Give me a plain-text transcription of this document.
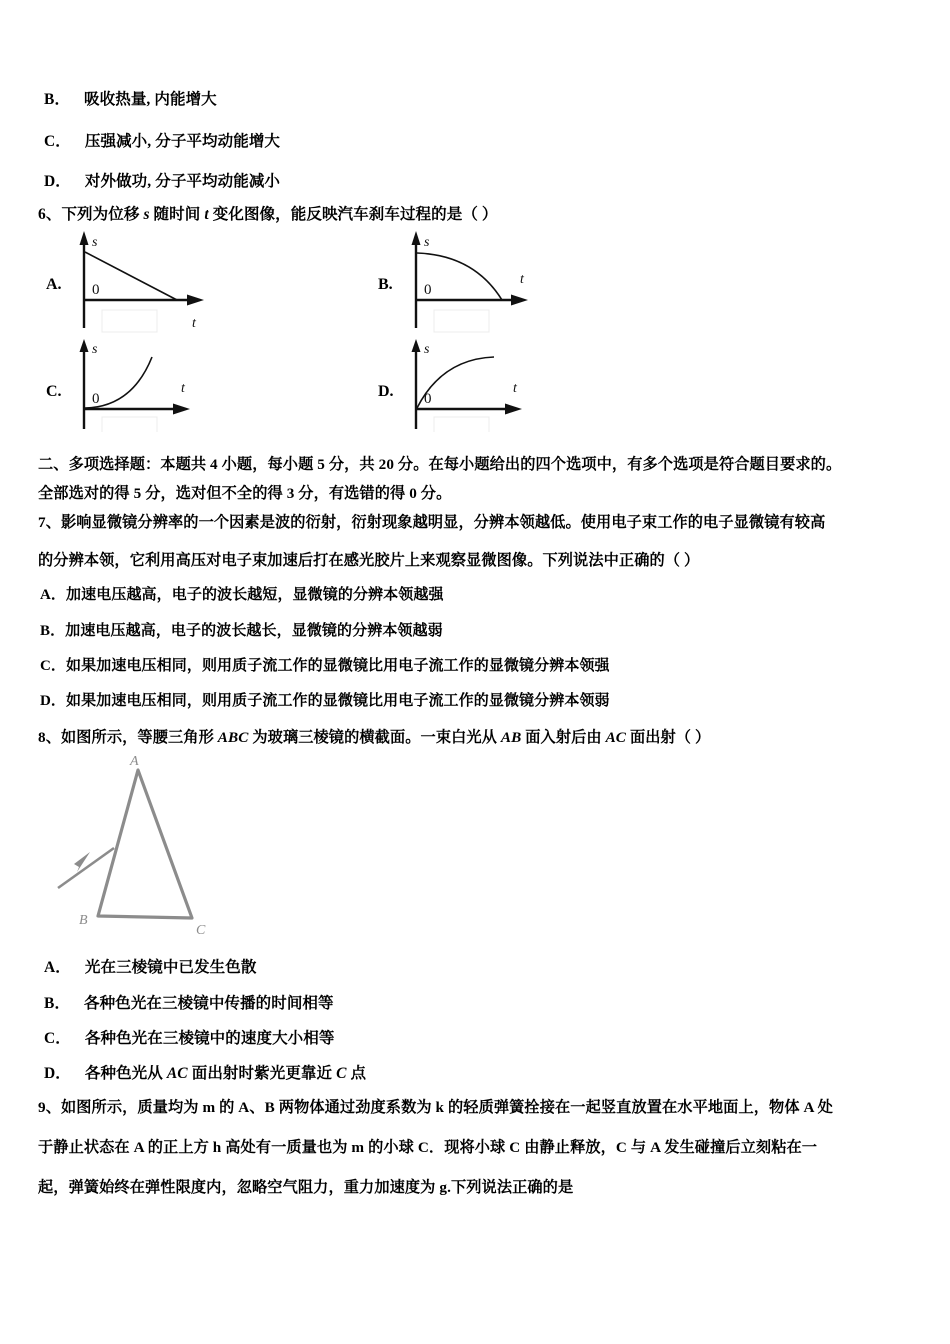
B． 吸收热量, 内能增大
C． 压强减小, 分子平均动能增大
D． 对外做功, 分子平均动能减小
6、下列为位移 s 随时间 t 变化图像，能反映汽车刹车过程的是（ ）
A. 0
s
t
B. 0
s
t
C. 0
s
t	D. 0
s
t
二、多项选择题：本题共 4 小题，每小题 5 分，共 20 分。在每小题给出的四个选项中，有多个选项是符合题目要求的。
全部选对的得 5 分，选对但不全的得 3 分，有选错的得 0 分。
7、影响显微镜分辨率的一个因素是波的衍射，衍射现象越明显，分辨本领越低。使用电子束工作的电子显微镜有较高
的分辨本领，它利用高压对电子束加速后打在感光胶片上来观察显微图像。下列说法中正确的（ ）
A．加速电压越高，电子的波长越短，显微镜的分辨本领越强
B．加速电压越高，电子的波长越长，显微镜的分辨本领越弱
C．如果加速电压相同，则用质子流工作的显微镜比用电子流工作的显微镜分辨本领强
D．如果加速电压相同，则用质子流工作的显微镜比用电子流工作的显微镜分辨本领弱
8、如图所示，等腰三角形 ABC 为玻璃三棱镜的横截面。一束白光从 AB 面入射后由 AC 面出射（ ）
A
B
C
A． 光在三棱镜中已发生色散
B． 各种色光在三棱镜中传播的时间相等
C． 各种色光在三棱镜中的速度大小相等
D． 各种色光从 AC 面出射时紫光更靠近 C 点
9、如图所示，质量均为 m 的 A、B 两物体通过劲度系数为 k 的轻质弹簧拴接在一起竖直放置在水平地面上，物体 A 处
于静止状态在 A 的正上方 h 高处有一质量也为 m 的小球 C．现将小球 C 由静止释放，C 与 A 发生碰撞后立刻粘在一
起，弹簧始终在弹性限度内，忽略空气阻力，重力加速度为 g.下列说法正确的是
